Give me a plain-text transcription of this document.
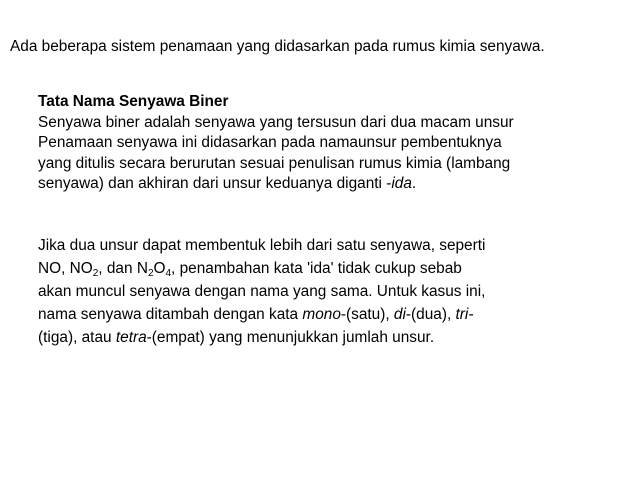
Ada beberapa sistem penamaan yang didasarkan pada rumus kimia senyawa.
Tata Nama Senyawa Biner
Senyawa biner adalah senyawa yang tersusun dari dua macam unsur
Penamaan senyawa ini didasarkan pada namaunsur pembentuknya
yang ditulis secara berurutan sesuai penulisan rumus kimia (lambang
senyawa) dan akhiran dari unsur keduanya diganti -ida.
Jika dua unsur dapat membentuk lebih dari satu senyawa, seperti
NO, $NO_2$, dan $N_2O_4$, penambahan kata 'ida' tidak cukup sebab
akan muncul senyawa dengan nama yang sama. Untuk kasus ini,
nama senyawa ditambah dengan kata mono-(satu), di-(dua), tri-
(tiga), atau tetra-(empat) yang menunjukkan jumlah unsur.
